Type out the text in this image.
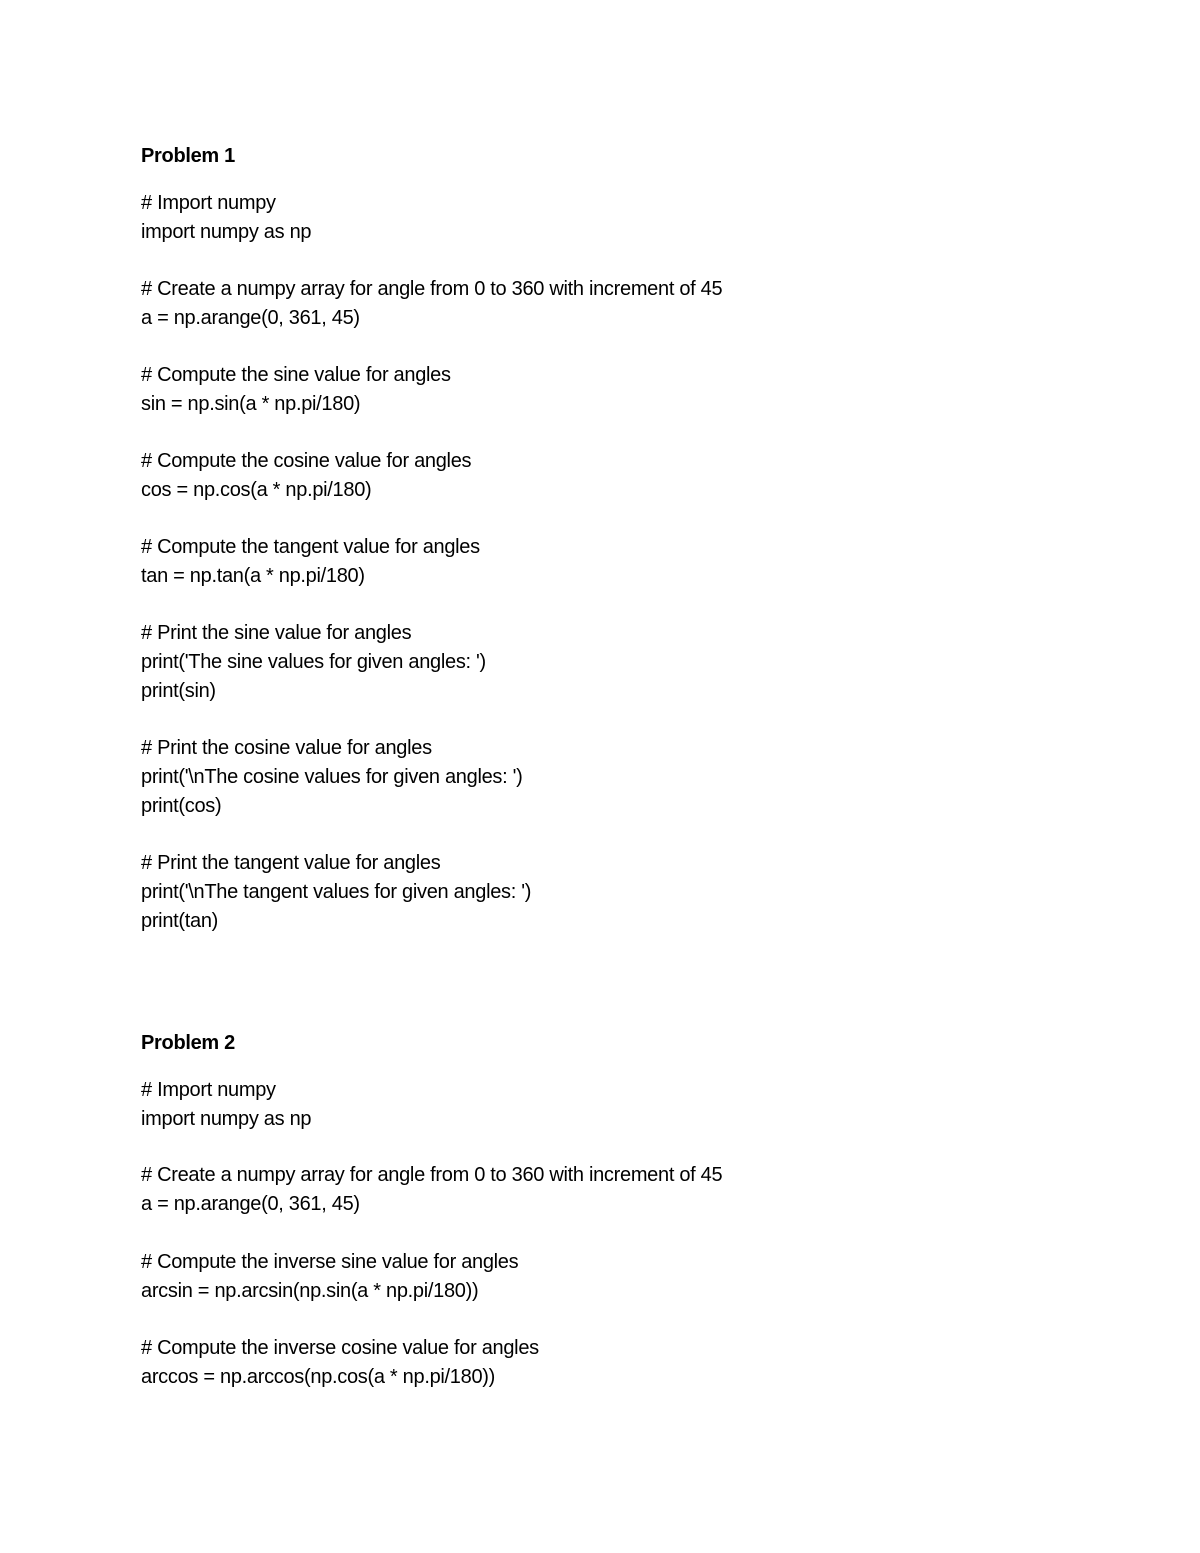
Problem 1
# Import numpy
import numpy as np
# Create a numpy array for angle from 0 to 360 with increment of 45
a = np.arange(0, 361, 45)
# Compute the sine value for angles
sin = np.sin(a * np.pi/180)
# Compute the cosine value for angles
cos = np.cos(a * np.pi/180)
# Compute the tangent value for angles
tan = np.tan(a * np.pi/180)
# Print the sine value for angles
print('The sine values for given angles: ')
print(sin)
# Print the cosine value for angles
print('\nThe cosine values for given angles: ')
print(cos)
# Print the tangent value for angles
print('\nThe tangent values for given angles: ')
print(tan)
Problem 2
# Import numpy
import numpy as np
# Create a numpy array for angle from 0 to 360 with increment of 45
a = np.arange(0, 361, 45)
# Compute the inverse sine value for angles
arcsin = np.arcsin(np.sin(a * np.pi/180))
# Compute the inverse cosine value for angles
arccos = np.arccos(np.cos(a * np.pi/180))
